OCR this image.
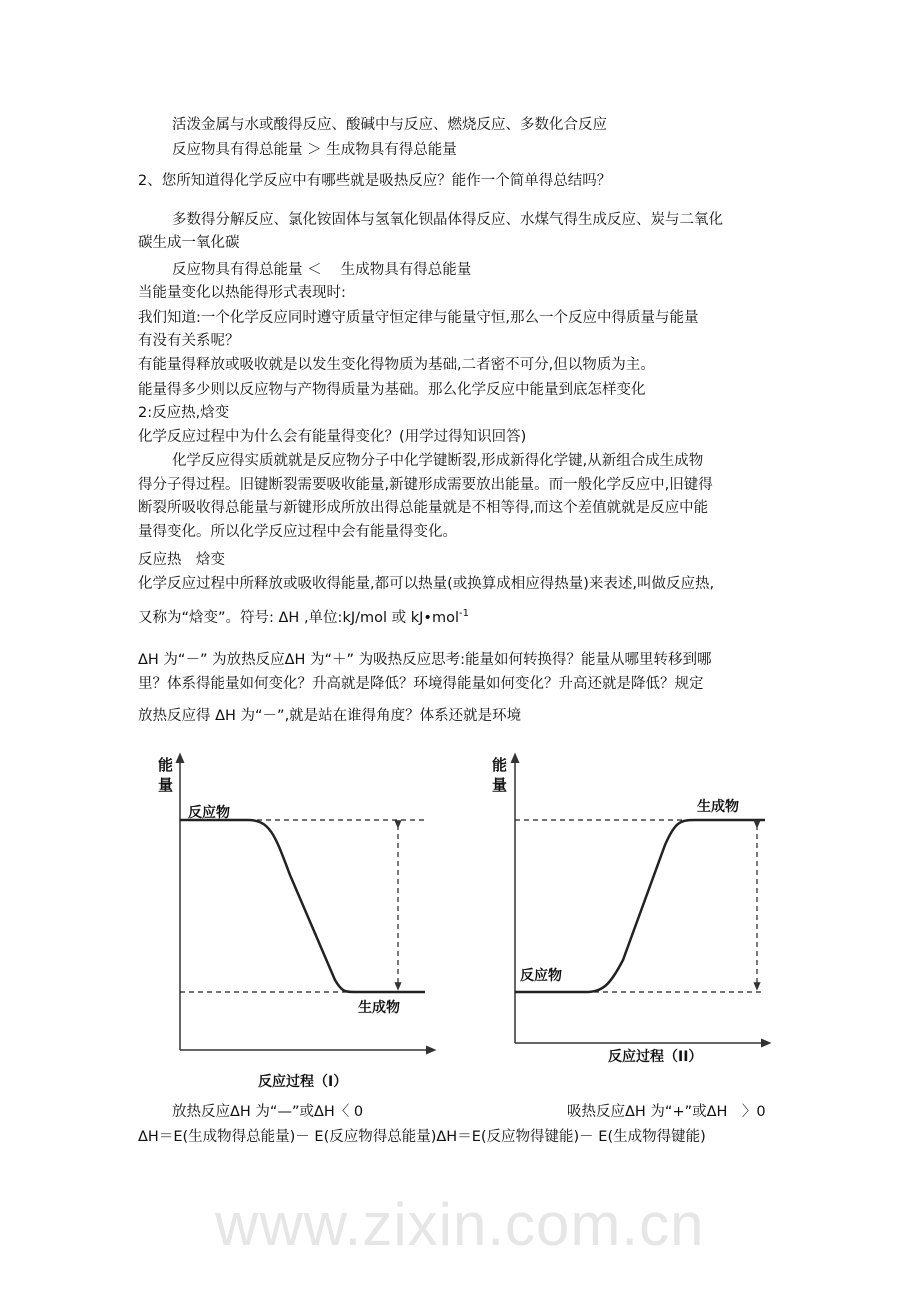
www.zixin.com.cn
活泼金属与水或酸得反应、酸碱中与反应、燃烧反应、多数化合反应
反应物具有得总能量 ＞ 生成物具有得总能量
2、您所知道得化学反应中有哪些就是吸热反应？能作一个简单得总结吗？
多数得分解反应、氯化铵固体与氢氧化钡晶体得反应、水煤气得生成反应、炭与二氧化
碳生成一氧化碳
反应物具有得总能量 ＜　 生成物具有得总能量
当能量变化以热能得形式表现时:
我们知道:一个化学反应同时遵守质量守恒定律与能量守恒,那么一个反应中得质量与能量
有没有关系呢？
有能量得释放或吸收就是以发生变化得物质为基础,二者密不可分,但以物质为主。
能量得多少则以反应物与产物得质量为基础。那么化学反应中能量到底怎样变化
2:反应热,焓变
化学反应过程中为什么会有能量得变化？(用学过得知识回答)
化学反应得实质就就是反应物分子中化学键断裂,形成新得化学键,从新组合成生成物
得分子得过程。旧键断裂需要吸收能量,新键形成需要放出能量。而一般化学反应中,旧键得
断裂所吸收得总能量与新键形成所放出得总能量就是不相等得,而这个差值就就是反应中能
量得变化。所以化学反应过程中会有能量得变化。
反应热　焓变
化学反应过程中所释放或吸收得能量,都可以热量(或换算成相应得热量)来表述,叫做反应热,
又称为“焓变”。符号: ΔH ,单位:kJ/mol 或 kJ•mol$^{-1}$
ΔH 为“－” 为放热反应ΔH 为“＋” 为吸热反应思考:能量如何转换得？能量从哪里转移到哪
里？体系得能量如何变化？升高就是降低？环境得能量如何变化？升高还就是降低？规定
放热反应得 ΔH 为“－”,就是站在谁得角度？体系还就是环境
能量
反应物
生成物
反应过程（I）
能量
生成物
反应物
反应过程（II）
放热反应ΔH 为“—”或ΔH〈 0	吸热反应ΔH 为“+”或ΔH　〉0
ΔH＝E(生成物得总能量)－ E(反应物得总能量)ΔH＝E(反应物得键能)－ E(生成物得键能)
